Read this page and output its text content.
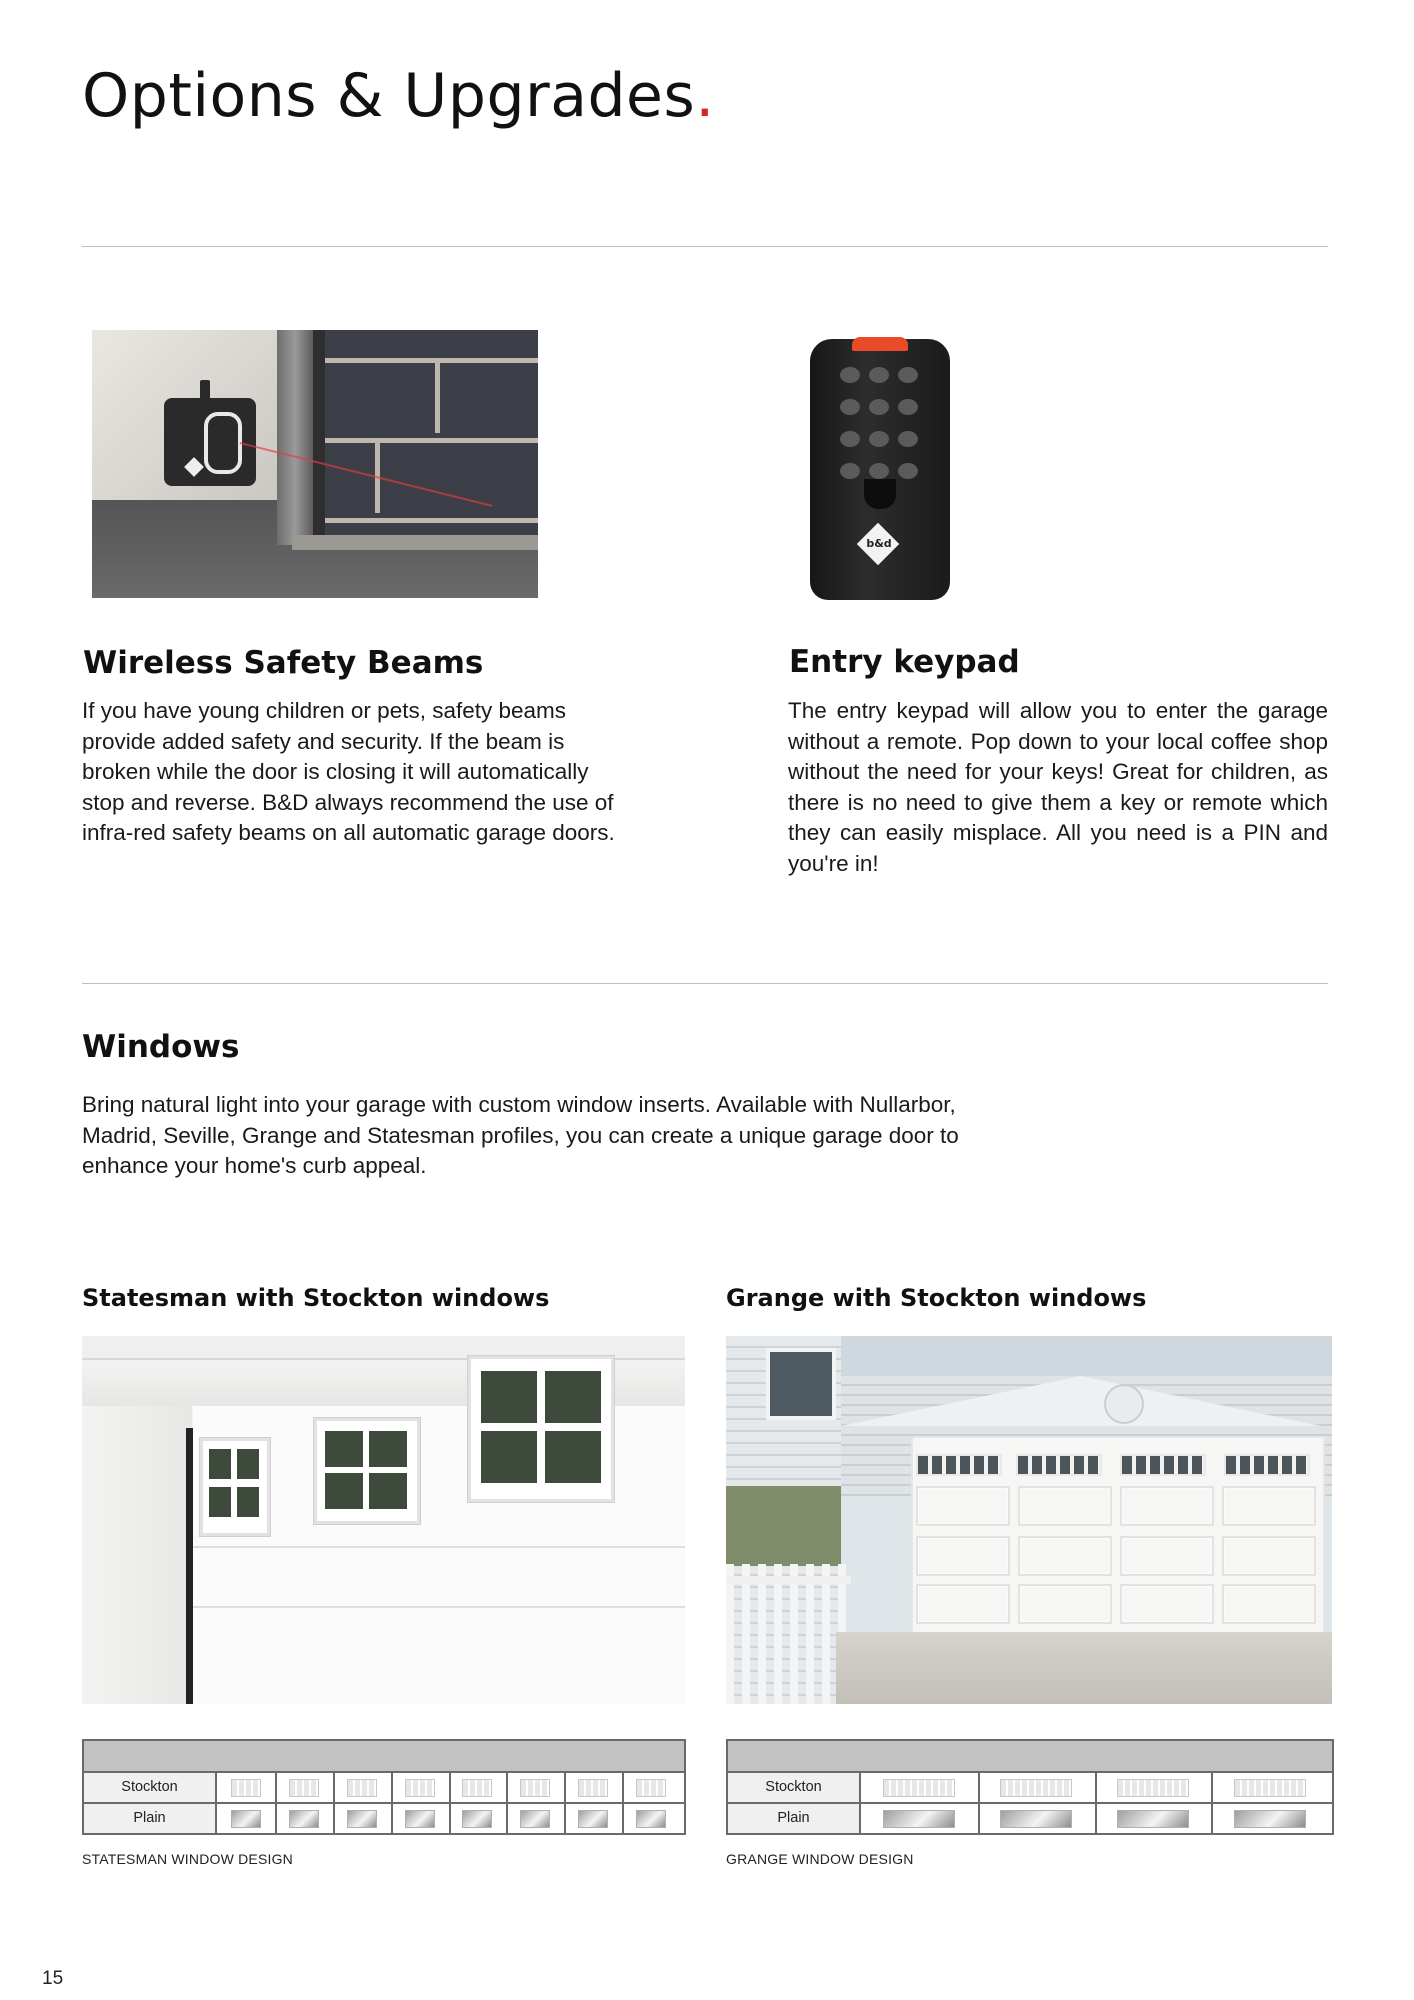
Options & Upgrades.
b&d
Wireless Safety Beams
If you have young children or pets, safety beams provide added safety and security. If the beam is broken while the door is closing it will automatically stop and reverse. B&D always recommend the use of infra-red safety beams on all automatic garage doors.
Entry keypad
The entry keypad will allow you to enter the garage without a remote. Pop down to your local coffee shop without the need for your keys! Great for children, as there is no need to give them a key or remote which they can easily misplace. All you need is a PIN and you're in!
Windows
Bring natural light into your garage with custom window inserts. Available with Nullarbor, Madrid, Seville, Grange and Statesman profiles, you can create a unique garage door to enhance your home's curb appeal.
Statesman with Stockton windows	Grange with Stockton windows
Stockton
Plain
STATESMAN WINDOW DESIGN
Stockton
Plain
GRANGE WINDOW DESIGN
15
